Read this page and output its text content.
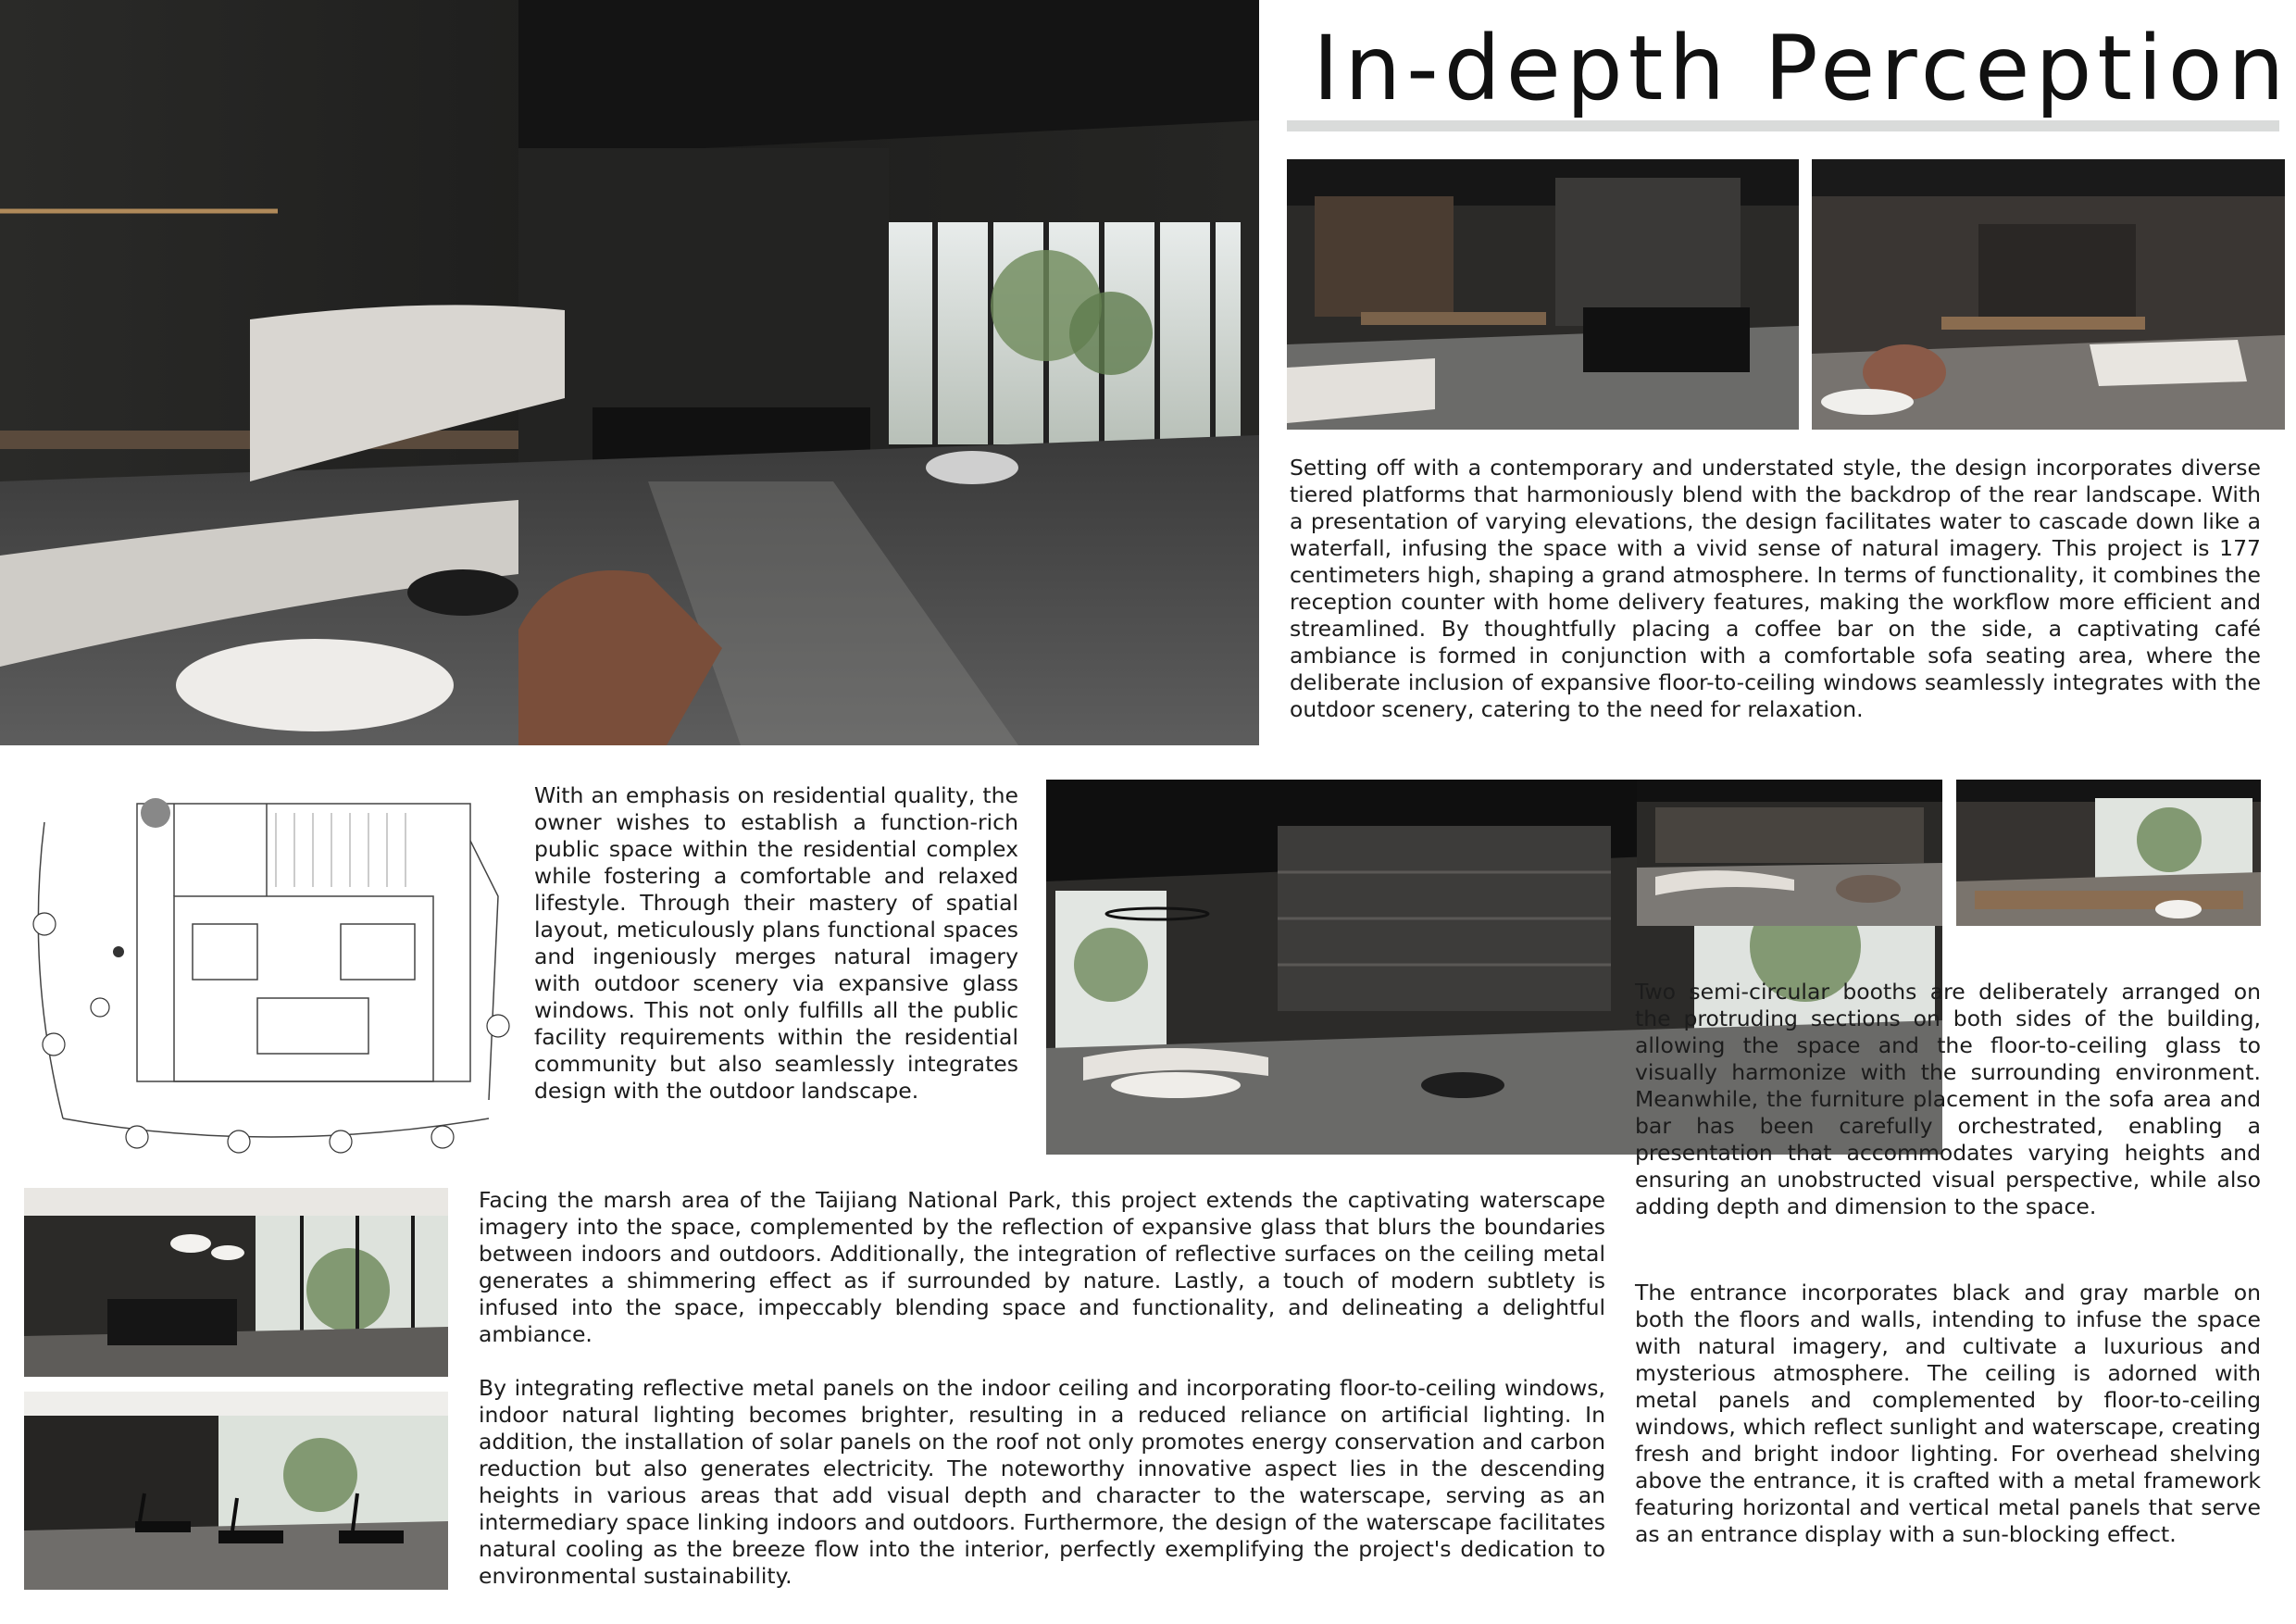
In-depth Perception
Setting off with a contemporary and understated style, the design incorporates diverse tiered platforms that harmoniously blend with the backdrop of the rear landscape. With a presentation of varying elevations, the design facilitates water to cascade down like a waterfall, infusing the space with a vivid sense of natural imagery. This project is 177 centimeters high, shaping a grand atmosphere. In terms of functionality, it combines the reception counter with home delivery features, making the workflow more efficient and streamlined. By thoughtfully placing a coffee bar on the side, a captivating café ambiance is formed in conjunction with a comfortable sofa seating area, where the deliberate inclusion of expansive floor-to-ceiling windows seamlessly integrates with the outdoor scenery, catering to the need for relaxation.
With an emphasis on residential quality, the owner wishes to establish a function-rich public space within the residential complex while fostering a comfortable and relaxed lifestyle. Through their mastery of spatial layout, meticulously plans functional spaces and ingeniously merges natural imagery with outdoor scenery via expansive glass windows. This not only fulfills all the public facility requirements within the residential community but also seamlessly integrates design with the outdoor landscape.
Two semi-circular booths are deliberately arranged on the protruding sections on both sides of the building, allowing the space and the floor-to-ceiling glass to visually harmonize with the surrounding environment. Meanwhile, the furniture placement in the sofa area and bar has been carefully orchestrated, enabling a presentation that accommodates varying heights and ensuring an unobstructed visual perspective, while also adding depth and dimension to the space.
Facing the marsh area of the Taijiang National Park, this project extends the captivating waterscape imagery into the space, complemented by the reflection of expansive glass that blurs the boundaries between indoors and outdoors. Additionally, the integration of reflective surfaces on the ceiling metal generates a shimmering effect as if surrounded by nature. Lastly, a touch of modern subtlety is infused into the space, impeccably blending space and functionality, and delineating a delightful ambiance.
By integrating reflective metal panels on the indoor ceiling and incorporating floor-to-ceiling windows, indoor natural lighting becomes brighter, resulting in a reduced reliance on artificial lighting. In addition, the installation of solar panels on the roof not only promotes energy conservation and carbon reduction but also generates electricity. The noteworthy innovative aspect lies in the descending heights in various areas that add visual depth and character to the waterscape, serving as an intermediary space linking indoors and outdoors. Furthermore, the design of the waterscape facilitates natural cooling as the breeze flow into the interior, perfectly exemplifying the project's dedication to environmental sustainability.
The entrance incorporates black and gray marble on both the floors and walls, intending to infuse the space with natural imagery, and cultivate a luxurious and mysterious atmosphere. The ceiling is adorned with metal panels and complemented by floor-to-ceiling windows, which reflect sunlight and waterscape, creating fresh and bright indoor lighting. For overhead shelving above the entrance, it is crafted with a metal framework featuring horizontal and vertical metal panels that serve as an entrance display with a sun-blocking effect.
